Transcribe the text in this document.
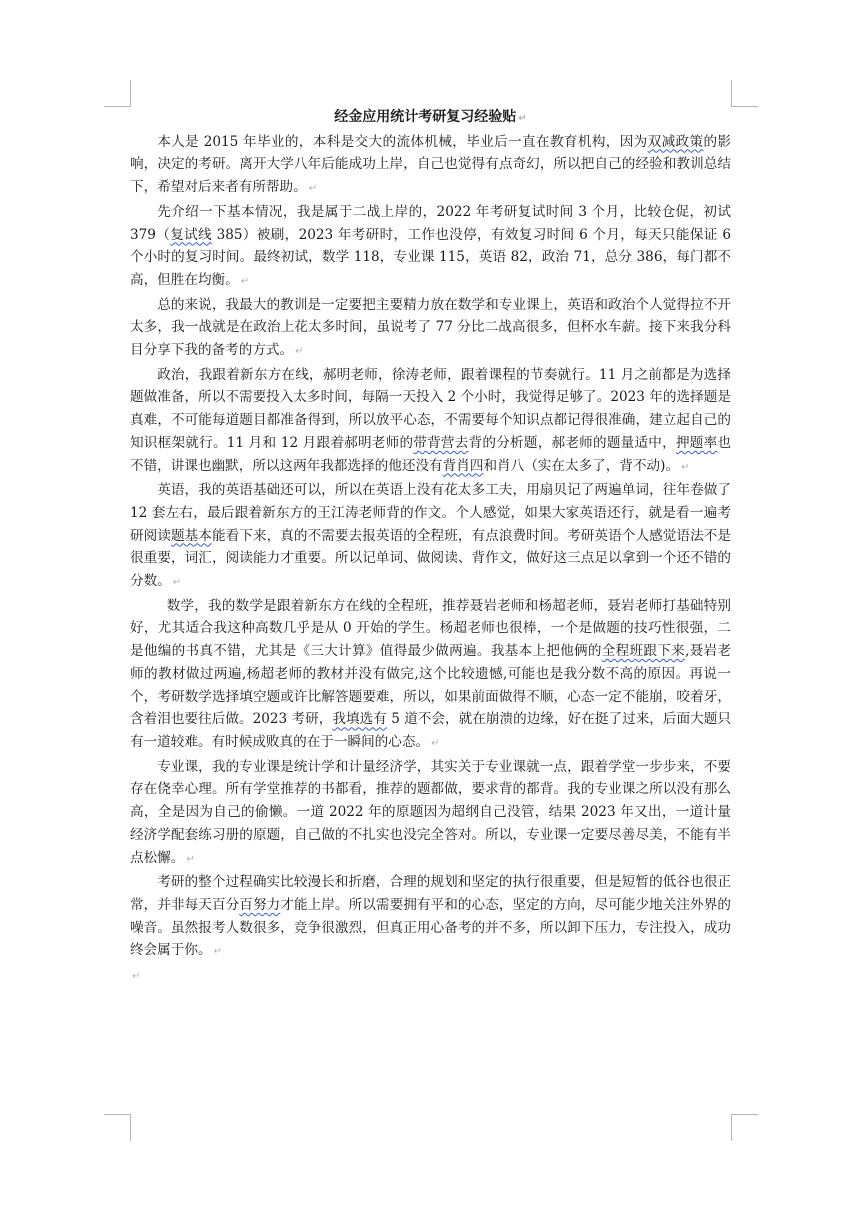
经金应用统计考研复习经验贴 ↵

本人是 2015 年毕业的，本科是交大的流体机械，毕业后一直在教育机构，因为双减政策的影响，决定的考研。离开大学八年后能成功上岸，自己也觉得有点奇幻，所以把自己的经验和教训总结下，希望对后来者有所帮助。 ↵

先介绍一下基本情况，我是属于二战上岸的，2022 年考研复试时间 3 个月，比较仓促，初试 379（复试线 385）被刷，2023 年考研时，工作也没停，有效复习时间 6 个月，每天只能保证 6 个小时的复习时间。最终初试，数学 118，专业课 115，英语 82，政治 71，总分 386，每门都不高，但胜在均衡。 ↵

总的来说，我最大的教训是一定要把主要精力放在数学和专业课上，英语和政治个人觉得拉不开太多，我一战就是在政治上花太多时间，虽说考了 77 分比二战高很多，但杯水车薪。接下来我分科目分享下我的备考的方式。 ↵

政治，我跟着新东方在线，郝明老师，徐涛老师，跟着课程的节奏就行。11 月之前都是为选择题做准备，所以不需要投入太多时间，每隔一天投入 2 个小时，我觉得足够了。2023 年的选择题是真难，不可能每道题目都准备得到，所以放平心态，不需要每个知识点都记得很准确，建立起自己的知识框架就行。11 月和 12 月跟着郝明老师的带背营去背的分析题，郝老师的题量适中，押题率也不错，讲课也幽默，所以这两年我都选择的他还没有背肖四和肖八（实在太多了，背不动)。 ↵

英语，我的英语基础还可以，所以在英语上没有花太多工夫，用扇贝记了两遍单词，往年卷做了 12 套左右，最后跟着新东方的王江涛老师背的作文。个人感觉，如果大家英语还行，就是看一遍考研阅读题基本能看下来，真的不需要去报英语的全程班，有点浪费时间。考研英语个人感觉语法不是很重要，词汇，阅读能力才重要。所以记单词、做阅读、背作文，做好这三点足以拿到一个还不错的分数。 ↵

数学，我的数学是跟着新东方在线的全程班，推荐聂岩老师和杨超老师，聂岩老师打基础特别好，尤其适合我这种高数几乎是从 0 开始的学生。杨超老师也很棒，一个是做题的技巧性很强，二是他编的书真不错，尤其是《三大计算》值得最少做两遍。我基本上把他俩的全程班跟下来,聂岩老师的教材做过两遍,杨超老师的教材并没有做完,这个比较遗憾,可能也是我分数不高的原因。再说一个，考研数学选择填空题或许比解答题要难，所以，如果前面做得不顺，心态一定不能崩，咬着牙，含着泪也要往后做。2023 考研，我填选有 5 道不会，就在崩溃的边缘，好在挺了过来，后面大题只有一道较难。有时候成败真的在于一瞬间的心态。 ↵

专业课，我的专业课是统计学和计量经济学，其实关于专业课就一点，跟着学堂一步步来，不要存在侥幸心理。所有学堂推荐的书都看，推荐的题都做，要求背的都背。我的专业课之所以没有那么高，全是因为自己的偷懒。一道 2022 年的原题因为超纲自己没管，结果 2023 年又出，一道计量经济学配套练习册的原题，自己做的不扎实也没完全答对。所以，专业课一定要尽善尽美，不能有半点松懈。 ↵

考研的整个过程确实比较漫长和折磨，合理的规划和坚定的执行很重要，但是短暂的低谷也很正常，并非每天百分百努力才能上岸。所以需要拥有平和的心态，坚定的方向，尽可能少地关注外界的噪音。虽然报考人数很多，竞争很激烈，但真正用心备考的并不多，所以卸下压力，专注投入，成功终会属于你。 ↵

↵
